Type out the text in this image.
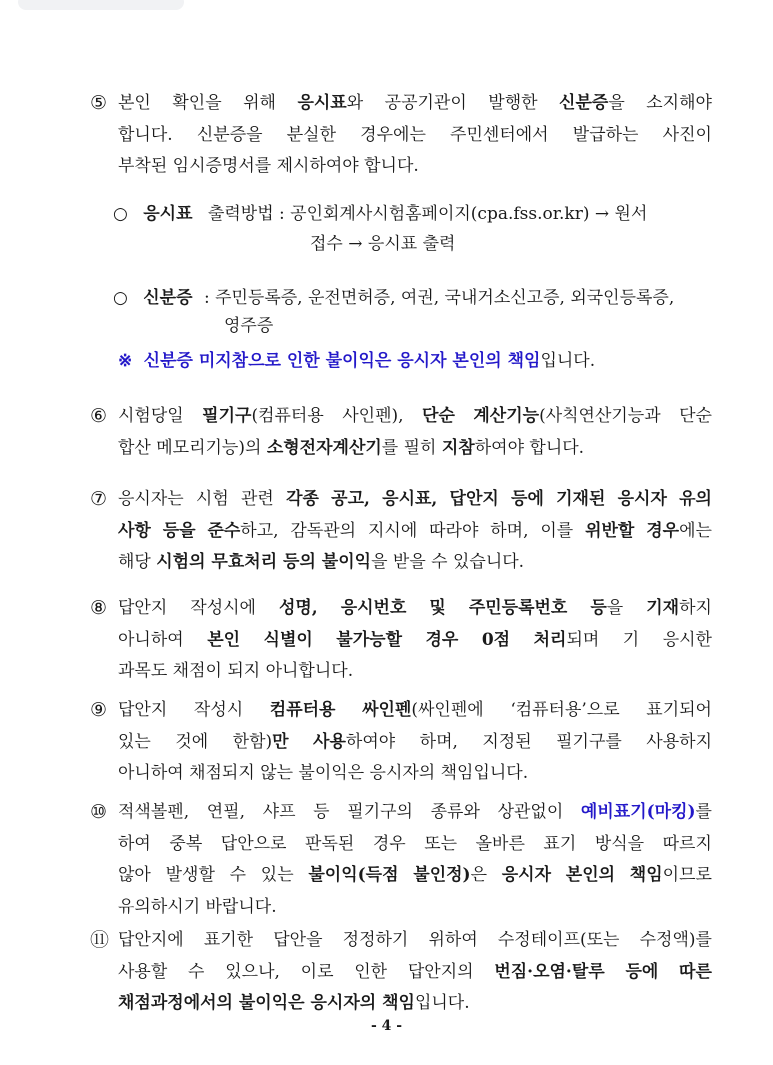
⑤ 본인 확인을 위해 응시표와 공공기관이 발행한 신분증을 소지해야
합니다. 신분증을 분실한 경우에는 주민센터에서 발급하는 사진이
부착된 임시증명서를 제시하여야 합니다.
⑥ 시험당일 필기구(컴퓨터용 사인펜), 단순 계산기능(사칙연산기능과 단순
합산 메모리기능)의 소형전자계산기 를 필히 지참 하여야 합니다.
⑦ 응시자는 시험 관련 각종 공고, 응시표, 답안지 등에 기재된 응시자 유의
사항 등을 준수하고, 감독관의 지시에 따라야 하며, 이를 위반할 경우에는
해당 시험의 무효처리 등의 불이익 을 받을 수 있습니다.
⑧ 답안지 작성시에 성명, 응시번호 및 주민등록번호 등을 기재하지
아니하여 본인 식별이 불가능할 경우 0점 처리되며 기 응시한
과목도 채점이 되지 아니합니다.
⑨ 답안지 작성시 컴퓨터용 싸인펜(싸인펜에 ‘컴퓨터용’으로 표기되어
있는 것에 한함)만 사용하여야 하며, 지정된 필기구를 사용하지
아니하여 채점되지 않는 불이익은 응시자의 책임입니다.
⑩ 적색볼펜, 연필, 샤프 등 필기구의 종류와 상관없이 예비표기(마킹)를
하여 중복 답안으로 판독된 경우 또는 올바른 표기 방식을 따르지
않아 발생할 수 있는 불이익(득점 불인정)은 응시자 본인의 책임이므로
유의하시기 바랍니다.
⑪ 답안지에 표기한 답안을 정정하기 위하여 수정테이프(또는 수정액)를
사용할 수 있으나, 이로 인한 답안지의 번짐·오염·탈루 등에 따른
채점과정에서의 불이익은 응시자의 책임 입니다.
○ 응시표 출력방법 : 공인회계사시험홈페이지(cpa.fss.or.kr) → 원서
접수 → 응시표 출력
○ 신분증 : 주민등록증, 운전면허증, 여권, 국내거소신고증, 외국인등록증,
영주증
※ 신분증 미지참으로 인한 불이익은 응시자 본인의 책임입니다.
- 4 -
